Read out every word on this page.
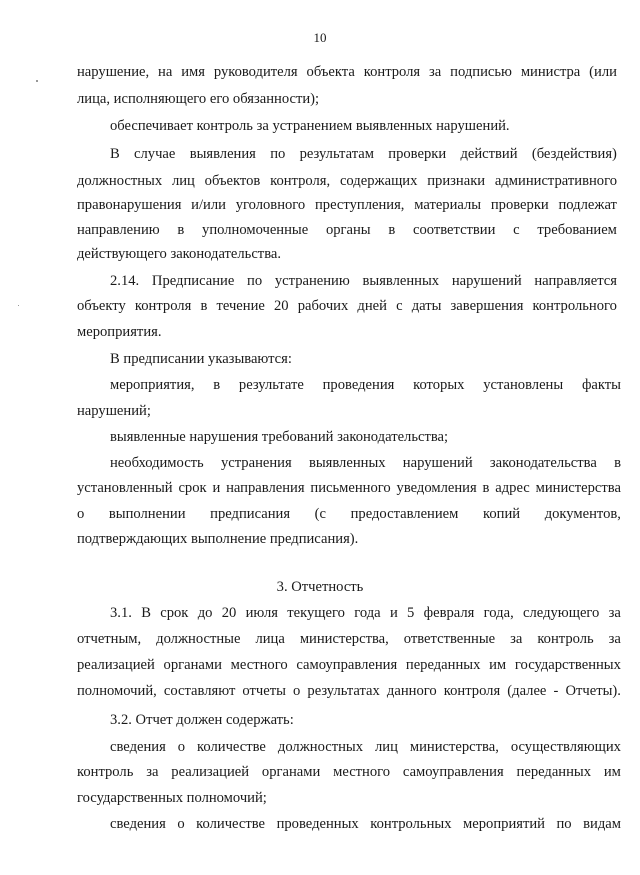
10
нарушение, на имя руководителя объекта контроля за подписью министра (или
лица, исполняющего его обязанности);
обеспечивает контроль за устранением выявленных нарушений.
В случае выявления по результатам проверки действий (бездействия)
должностных лиц объектов контроля, содержащих признаки административного
правонарушения и/или уголовного преступления, материалы проверки подлежат
направлению в уполномоченные органы в соответствии с требованием
действующего законодательства.
2.14. Предписание по устранению выявленных нарушений направляется
объекту контроля в течение 20 рабочих дней с даты завершения контрольного
мероприятия.
В предписании указываются:
мероприятия, в результате проведения которых установлены факты
нарушений;
выявленные нарушения требований законодательства;
необходимость устранения выявленных нарушений законодательства в
установленный срок и направления письменного уведомления в адрес министерства
о выполнении предписания (с предоставлением копий документов,
подтверждающих выполнение предписания).
3. Отчетность
3.1. В срок до 20 июля текущего года и 5 февраля года, следующего за
отчетным, должностные лица министерства, ответственные за контроль за
реализацией органами местного самоуправления переданных им государственных
полномочий, составляют отчеты о результатах данного контроля (далее - Отчеты).
3.2. Отчет должен содержать:
сведения о количестве должностных лиц министерства, осуществляющих
контроль за реализацией органами местного самоуправления переданных им
государственных полномочий;
сведения о количестве проведенных контрольных мероприятий по видам
